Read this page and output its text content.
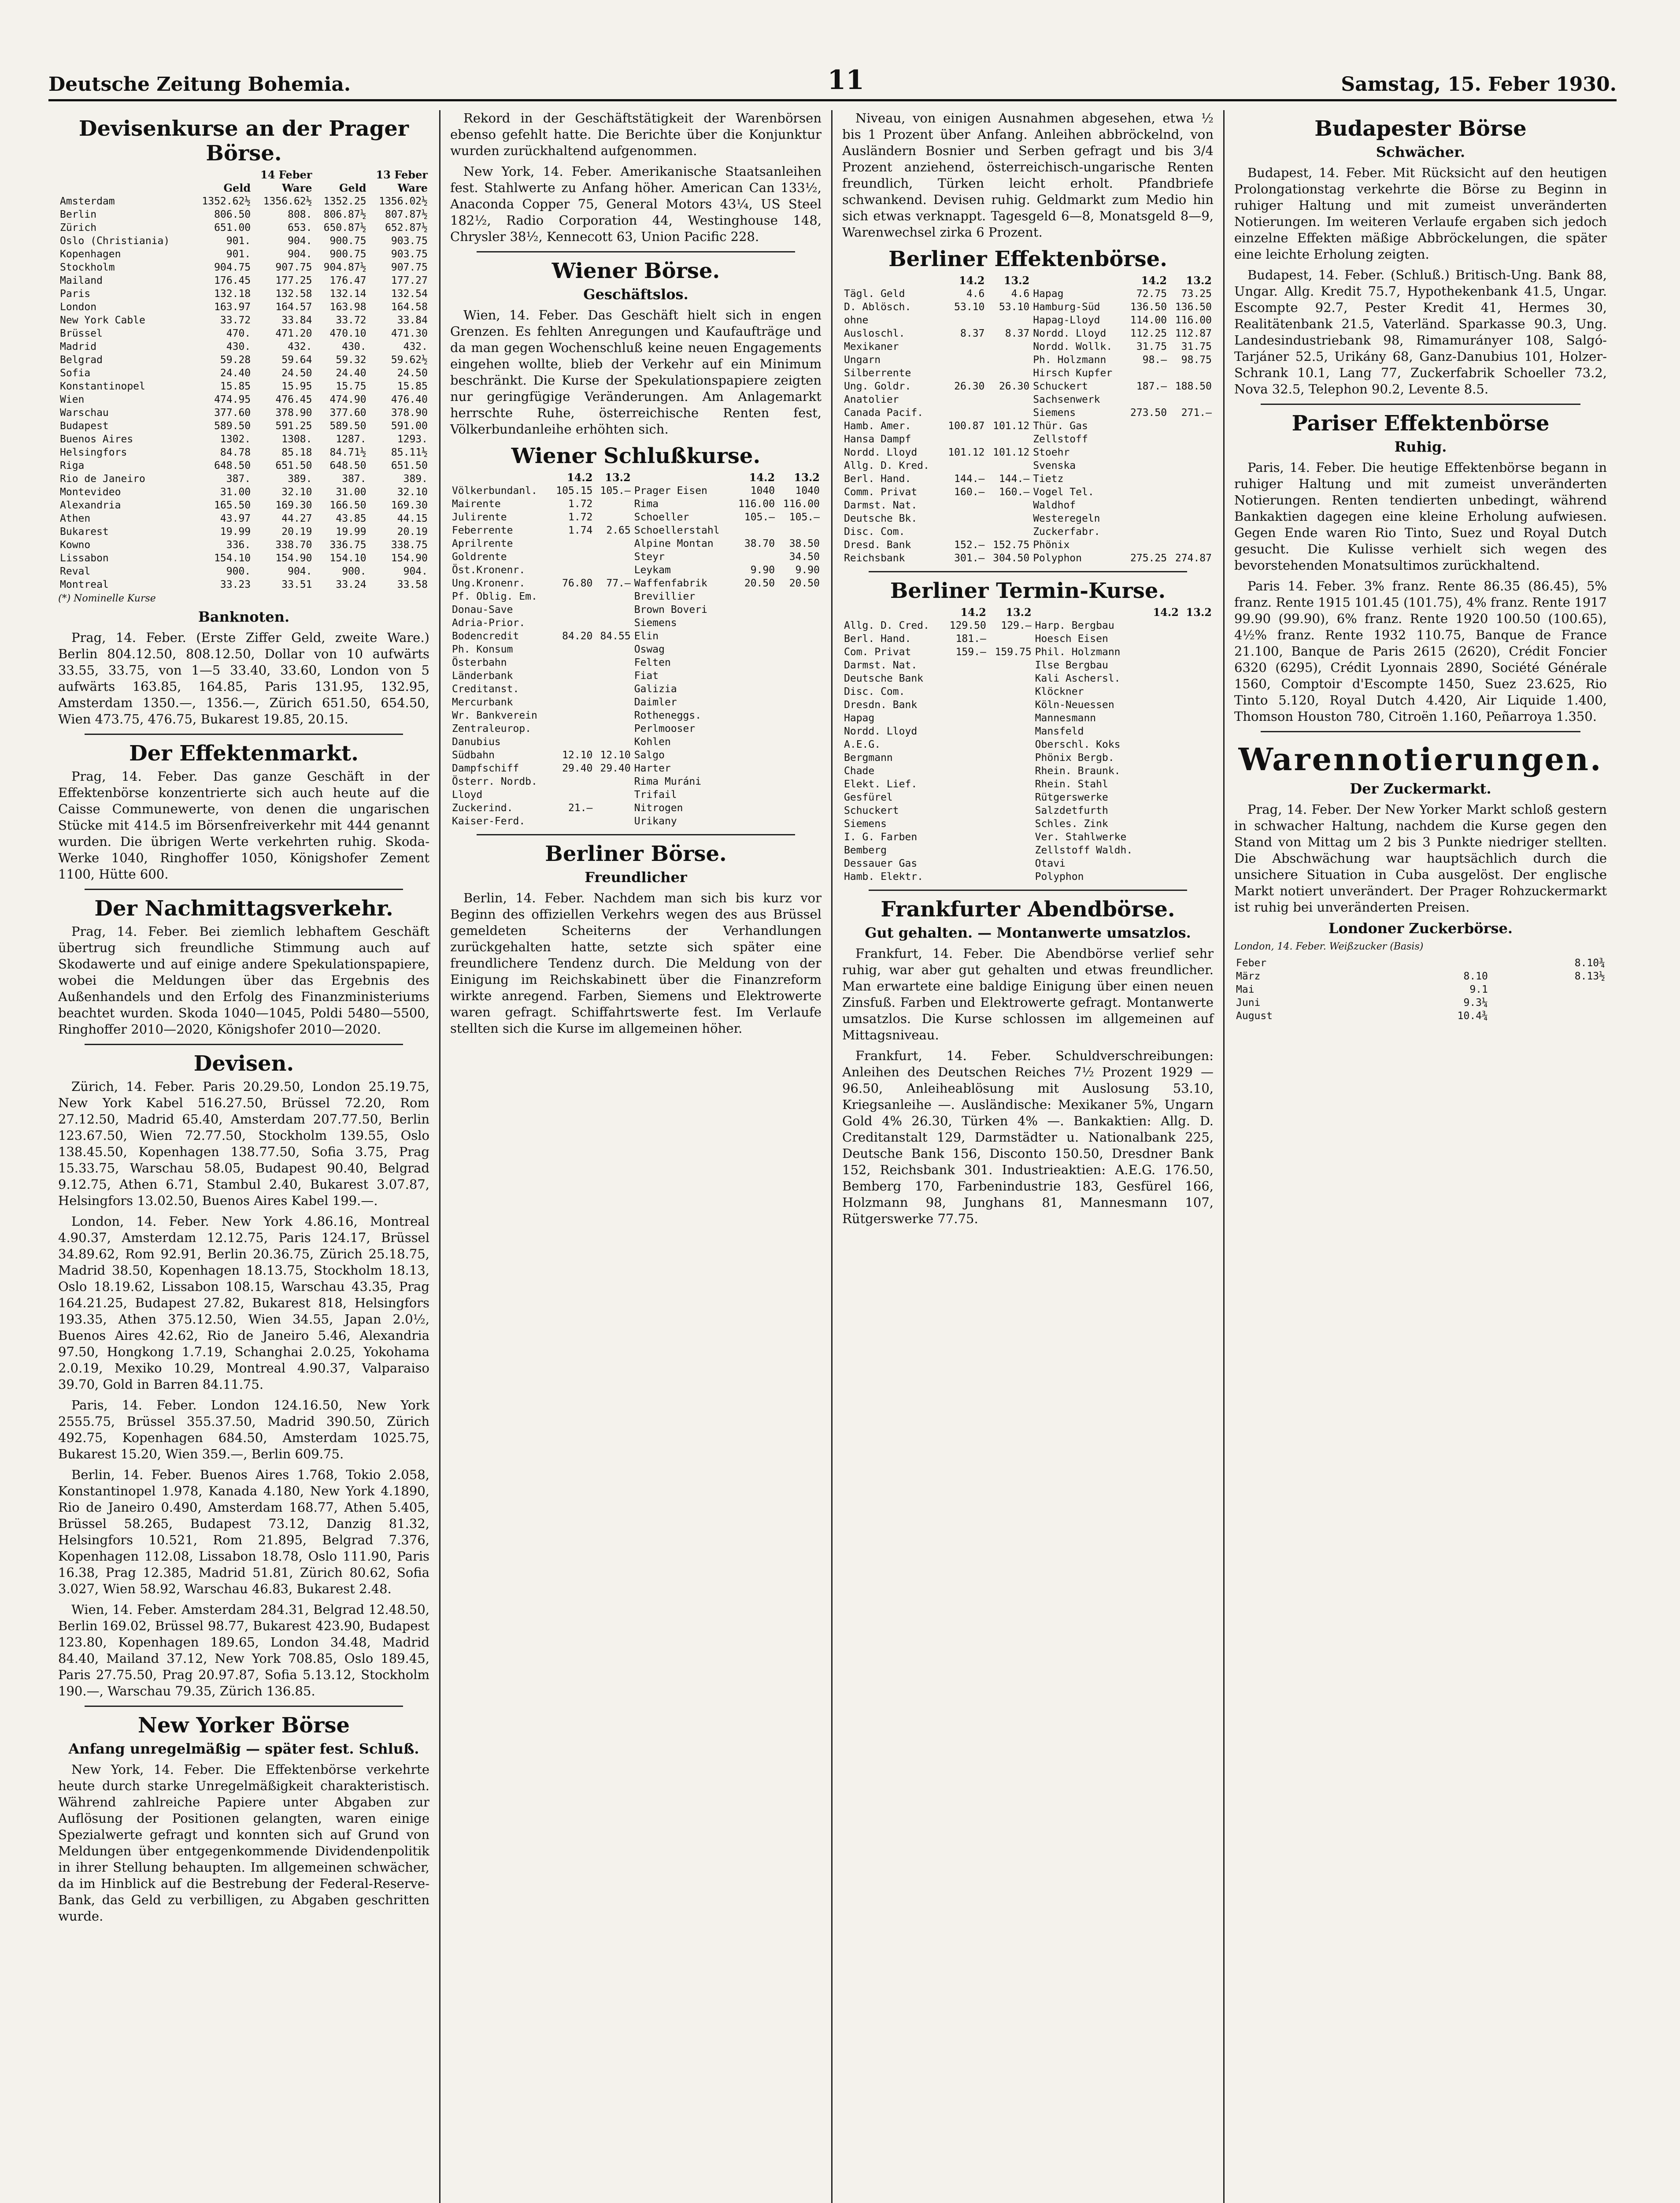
Deutsche Zeitung Bohemia.	11	Samstag, 15. Feber 1930.
Devisenkurse an der Prager Börse.
	14 Feber		13 Feber	
	Geld	Ware	Geld	Ware
Amsterdam	1352.62½	1356.62½	1352.25	1356.02½
Berlin	806.50	808.	806.87½	807.87½
Zürich	651.00	653.	650.87½	652.87½
Oslo (Christiania)	901.	904.	900.75	903.75
Kopenhagen	901.	904.	900.75	903.75
Stockholm	904.75	907.75	904.87½	907.75
Mailand	176.45	177.25	176.47	177.27
Paris	132.18	132.58	132.14	132.54
London	163.97	164.57	163.98	164.58
New York Cable	33.72	33.84	33.72	33.84
Brüssel	470.	471.20	470.10	471.30
Madrid	430.	432.	430.	432.
Belgrad	59.28	59.64	59.32	59.62½
Sofia	24.40	24.50	24.40	24.50
Konstantinopel	15.85	15.95	15.75	15.85
Wien	474.95	476.45	474.90	476.40
Warschau	377.60	378.90	377.60	378.90
Budapest	589.50	591.25	589.50	591.00
Buenos Aires	1302.	1308.	1287.	1293.
Helsingfors	84.78	85.18	84.71½	85.11½
Riga	648.50	651.50	648.50	651.50
Rio de Janeiro	387.	389.	387.	389.
Montevideo	31.00	32.10	31.00	32.10
Alexandria	165.50	169.30	166.50	169.30
Athen	43.97	44.27	43.85	44.15
Bukarest	19.99	20.19	19.99	20.19
Kowno	336.	338.70	336.75	338.75
Lissabon	154.10	154.90	154.10	154.90
Reval	900.	904.	900.	904.
Montreal	33.23	33.51	33.24	33.58
(*) Nominelle Kurse
Banknoten.

Prag, 14. Feber. (Erste Ziffer Geld, zweite Ware.) Berlin 804.12.50, 808.12.50, Dollar von 10 aufwärts 33.55, 33.75, von 1—5 33.40, 33.60, London von 5 aufwärts 163.85, 164.85, Paris 131.95, 132.95, Amsterdam 1350.—, 1356.—, Zürich 651.50, 654.50, Wien 473.75, 476.75, Bukarest 19.85, 20.15.

Der Effektenmarkt.

Prag, 14. Feber. Das ganze Geschäft in der Effektenbörse konzentrierte sich auch heute auf die Caisse Communewerte, von denen die ungarischen Stücke mit 414.5 im Börsenfreiverkehr mit 444 genannt wurden. Die übrigen Werte verkehrten ruhig. Skoda-Werke 1040, Ringhoffer 1050, Königshofer Zement 1100, Hütte 600.

Der Nachmittagsverkehr.

Prag, 14. Feber. Bei ziemlich lebhaftem Geschäft übertrug sich freundliche Stimmung auch auf Skodawerte und auf einige andere Spekulationspapiere, wobei die Meldungen über das Ergebnis des Außenhandels und den Erfolg des Finanzministeriums beachtet wurden. Skoda 1040—1045, Poldi 5480—5500, Ringhoffer 2010—2020, Königshofer 2010—2020.

Devisen.

Zürich, 14. Feber. Paris 20.29.50, London 25.19.75, New York Kabel 516.27.50, Brüssel 72.20, Rom 27.12.50, Madrid 65.40, Amsterdam 207.77.50, Berlin 123.67.50, Wien 72.77.50, Stockholm 139.55, Oslo 138.45.50, Kopenhagen 138.77.50, Sofia 3.75, Prag 15.33.75, Warschau 58.05, Budapest 90.40, Belgrad 9.12.75, Athen 6.71, Stambul 2.40, Bukarest 3.07.87, Helsingfors 13.02.50, Buenos Aires Kabel 199.—.

London, 14. Feber. New York 4.86.16, Montreal 4.90.37, Amsterdam 12.12.75, Paris 124.17, Brüssel 34.89.62, Rom 92.91, Berlin 20.36.75, Zürich 25.18.75, Madrid 38.50, Kopenhagen 18.13.75, Stockholm 18.13, Oslo 18.19.62, Lissabon 108.15, Warschau 43.35, Prag 164.21.25, Budapest 27.82, Bukarest 818, Helsingfors 193.35, Athen 375.12.50, Wien 34.55, Japan 2.0½, Buenos Aires 42.62, Rio de Janeiro 5.46, Alexandria 97.50, Hongkong 1.7.19, Schanghai 2.0.25, Yokohama 2.0.19, Mexiko 10.29, Montreal 4.90.37, Valparaiso 39.70, Gold in Barren 84.11.75.

Paris, 14. Feber. London 124.16.50, New York 2555.75, Brüssel 355.37.50, Madrid 390.50, Zürich 492.75, Kopenhagen 684.50, Amsterdam 1025.75, Bukarest 15.20, Wien 359.—, Berlin 609.75.

Berlin, 14. Feber. Buenos Aires 1.768, Tokio 2.058, Konstantinopel 1.978, Kanada 4.180, New York 4.1890, Rio de Janeiro 0.490, Amsterdam 168.77, Athen 5.405, Brüssel 58.265, Budapest 73.12, Danzig 81.32, Helsingfors 10.521, Rom 21.895, Belgrad 7.376, Kopenhagen 112.08, Lissabon 18.78, Oslo 111.90, Paris 16.38, Prag 12.385, Madrid 51.81, Zürich 80.62, Sofia 3.027, Wien 58.92, Warschau 46.83, Bukarest 2.48.

Wien, 14. Feber. Amsterdam 284.31, Belgrad 12.48.50, Berlin 169.02, Brüssel 98.77, Bukarest 423.90, Budapest 123.80, Kopenhagen 189.65, London 34.48, Madrid 84.40, Mailand 37.12, New York 708.85, Oslo 189.45, Paris 27.75.50, Prag 20.97.87, Sofia 5.13.12, Stockholm 190.—, Warschau 79.35, Zürich 136.85.

New Yorker Börse
Anfang unregelmäßig — später fest. Schluß.

New York, 14. Feber. Die Effektenbörse verkehrte heute durch starke Unregelmäßigkeit charakteristisch. Während zahlreiche Papiere unter Abgaben zur Auflösung der Positionen gelangten, waren einige Spezialwerte gefragt und konnten sich auf Grund von Meldungen über entgegenkommende Dividendenpolitik in ihrer Stellung behaupten. Im allgemeinen schwächer, da im Hinblick auf die Bestrebung der Federal-Reserve-Bank, das Geld zu verbilligen, zu Abgaben geschritten wurde.

Rekord in der Geschäftstätigkeit der Warenbörsen ebenso gefehlt hatte. Die Berichte über die Konjunktur wurden zurückhaltend aufgenommen.

New York, 14. Feber. Amerikanische Staatsanleihen fest. Stahlwerte zu Anfang höher. American Can 133½, Anaconda Copper 75, General Motors 43¼, US Steel 182½, Radio Corporation 44, Westinghouse 148, Chrysler 38½, Kennecott 63, Union Pacific 228.

Wiener Börse.
Geschäftslos.

Wien, 14. Feber. Das Geschäft hielt sich in engen Grenzen. Es fehlten Anregungen und Kaufaufträge und da man gegen Wochenschluß keine neuen Engagements eingehen wollte, blieb der Verkehr auf ein Minimum beschränkt. Die Kurse der Spekulationspapiere zeigten nur geringfügige Veränderungen. Am Anlagemarkt herrschte Ruhe, österreichische Renten fest, Völkerbundanleihe erhöhten sich.

Wiener Schlußkurse.
	14.2	13.2		14.2	13.2
Völkerbundanl.	105.15	105.—	Prager Eisen	1040	1040
Mairente	1.72		Rima	116.00	116.00
Julirente	1.72		Schoeller	105.—	105.—
Feberrente	1.74	2.65	Schoellerstahl		
Aprilrente			Alpine Montan	38.70	38.50
Goldrente			Steyr		34.50
Öst.Kronenr.			Leykam	9.90	9.90
Ung.Kronenr.	76.80	77.—	Waffenfabrik	20.50	20.50
Pf. Oblig. Em.			Brevillier		
Donau-Save			Brown Boveri		
Adria-Prior.			Siemens		
Bodencredit	84.20	84.55	Elin		
Ph. Konsum			Oswag		
Österbahn			Felten		
Länderbank			Fiat		
Creditanst.			Galizia		
Mercurbank			Daimler		
Wr. Bankverein			Rotheneggs.		
Zentraleurop.			Perlmooser		
Danubius			Kohlen		
Südbahn	12.10	12.10	Salgo		
Dampfschiff	29.40	29.40	Harter		
Österr. Nordb.			Rima Muráni		
Lloyd			Trifail		
Zuckerind.	21.—		Nitrogen		
Kaiser-Ferd.			Urikany		
Berliner Börse.
Freundlicher

Berlin, 14. Feber. Nachdem man sich bis kurz vor Beginn des offiziellen Verkehrs wegen des aus Brüssel gemeldeten Scheiterns der Verhandlungen zurückgehalten hatte, setzte sich später eine freundlichere Tendenz durch. Die Meldung von der Einigung im Reichskabinett über die Finanzreform wirkte anregend. Farben, Siemens und Elektrowerte waren gefragt. Schiffahrtswerte fest. Im Verlaufe stellten sich die Kurse im allgemeinen höher.

Niveau, von einigen Ausnahmen abgesehen, etwa ½ bis 1 Prozent über Anfang. Anleihen abbröckelnd, von Ausländern Bosnier und Serben gefragt und bis 3/4 Prozent anziehend, österreichisch-ungarische Renten freundlich, Türken leicht erholt. Pfandbriefe schwankend. Devisen ruhig. Geldmarkt zum Medio hin sich etwas verknappt. Tagesgeld 6—8, Monatsgeld 8—9, Warenwechsel zirka 6 Prozent.

Berliner Effektenbörse.
	14.2	13.2		14.2	13.2
Tägl. Geld	4.6	4.6	Hapag	72.75	73.25
D. Ablösch.	53.10	53.10	Hamburg-Süd	136.50	136.50
ohne			Hapag-Lloyd	114.00	116.00
Ausloschl.	8.37	8.37	Nordd. Lloyd	112.25	112.87
Mexikaner			Nordd. Wollk.	31.75	31.75
Ungarn			Ph. Holzmann	98.—	98.75
Silberrente			Hirsch Kupfer		
Ung. Goldr.	26.30	26.30	Schuckert	187.—	188.50
Anatolier			Sachsenwerk		
Canada Pacif.			Siemens	273.50	271.—
Hamb. Amer.	100.87	101.12	Thür. Gas		
Hansa Dampf			Zellstoff		
Nordd. Lloyd	101.12	101.12	Stoehr		
Allg. D. Kred.			Svenska		
Berl. Hand.	144.—	144.—	Tietz		
Comm. Privat	160.—	160.—	Vogel Tel.		
Darmst. Nat.			Waldhof		
Deutsche Bk.			Westeregeln		
Disc. Com.			Zuckerfabr.		
Dresd. Bank	152.—	152.75	Phönix		
Reichsbank	301.—	304.50	Polyphon	275.25	274.87
Berliner Termin-Kurse.
	14.2	13.2		14.2	13.2
Allg. D. Cred.	129.50	129.—	Harp. Bergbau		
Berl. Hand.	181.—		Hoesch Eisen		
Com. Privat	159.—	159.75	Phil. Holzmann		
Darmst. Nat.			Ilse Bergbau		
Deutsche Bank			Kali Aschersl.		
Disc. Com.			Klöckner		
Dresdn. Bank			Köln-Neuessen		
Hapag			Mannesmann		
Nordd. Lloyd			Mansfeld		
A.E.G.			Oberschl. Koks		
Bergmann			Phönix Bergb.		
Chade			Rhein. Braunk.		
Elekt. Lief.			Rhein. Stahl		
Gesfürel			Rütgerswerke		
Schuckert			Salzdetfurth		
Siemens			Schles. Zink		
I. G. Farben			Ver. Stahlwerke		
Bemberg			Zellstoff Waldh.		
Dessauer Gas			Otavi		
Hamb. Elektr.			Polyphon		
Frankfurter Abendbörse.
Gut gehalten. — Montanwerte umsatzlos.

Frankfurt, 14. Feber. Die Abendbörse verlief sehr ruhig, war aber gut gehalten und etwas freundlicher. Man erwartete eine baldige Einigung über einen neuen Zinsfuß. Farben und Elektrowerte gefragt. Montanwerte umsatzlos. Die Kurse schlossen im allgemeinen auf Mittagsniveau.

Frankfurt, 14. Feber. Schuldverschreibungen: Anleihen des Deutschen Reiches 7½ Prozent 1929 — 96.50, Anleiheablösung mit Auslosung 53.10, Kriegsanleihe —. Ausländische: Mexikaner 5%, Ungarn Gold 4% 26.30, Türken 4% —. Bankaktien: Allg. D. Creditanstalt 129, Darmstädter u. Nationalbank 225, Deutsche Bank 156, Disconto 150.50, Dresdner Bank 152, Reichsbank 301. Industrieaktien: A.E.G. 176.50, Bemberg 170, Farbenindustrie 183, Gesfürel 166, Holzmann 98, Junghans 81, Mannesmann 107, Rütgerswerke 77.75.

Budapester Börse
Schwächer.

Budapest, 14. Feber. Mit Rücksicht auf den heutigen Prolongationstag verkehrte die Börse zu Beginn in ruhiger Haltung und mit zumeist unveränderten Notierungen. Im weiteren Verlaufe ergaben sich jedoch einzelne Effekten mäßige Abbröckelungen, die später eine leichte Erholung zeigten.

Budapest, 14. Feber. (Schluß.) Britisch-Ung. Bank 88, Ungar. Allg. Kredit 75.7, Hypothekenbank 41.5, Ungar. Escompte 92.7, Pester Kredit 41, Hermes 30, Realitätenbank 21.5, Vaterländ. Sparkasse 90.3, Ung. Landesindustriebank 98, Rimamurányer 108, Salgó-Tarjáner 52.5, Urikány 68, Ganz-Danubius 101, Holzer-Schrank 10.1, Lang 77, Zuckerfabrik Schoeller 73.2, Nova 32.5, Telephon 90.2, Levente 8.5.

Pariser Effektenbörse
Ruhig.

Paris, 14. Feber. Die heutige Effektenbörse begann in ruhiger Haltung und mit zumeist unveränderten Notierungen. Renten tendierten unbedingt, während Bankaktien dagegen eine kleine Erholung aufwiesen. Gegen Ende waren Rio Tinto, Suez und Royal Dutch gesucht. Die Kulisse verhielt sich wegen des bevorstehenden Monatsultimos zurückhaltend.

Paris 14. Feber. 3% franz. Rente 86.35 (86.45), 5% franz. Rente 1915 101.45 (101.75), 4% franz. Rente 1917 99.90 (99.90), 6% franz. Rente 1920 100.50 (100.65), 4½% franz. Rente 1932 110.75, Banque de France 21.100, Banque de Paris 2615 (2620), Crédit Foncier 6320 (6295), Crédit Lyonnais 2890, Société Générale 1560, Comptoir d'Escompte 1450, Suez 23.625, Rio Tinto 5.120, Royal Dutch 4.420, Air Liquide 1.400, Thomson Houston 780, Citroën 1.160, Peñarroya 1.350.

Warennotierungen.
Der Zuckermarkt.

Prag, 14. Feber. Der New Yorker Markt schloß gestern in schwacher Haltung, nachdem die Kurse gegen den Stand von Mittag um 2 bis 3 Punkte niedriger stellten. Die Abschwächung war hauptsächlich durch die unsichere Situation in Cuba ausgelöst. Der englische Markt notiert unverändert. Der Prager Rohzuckermarkt ist ruhig bei unveränderten Preisen.

Londoner Zuckerbörse.
London, 14. Feber. Weißzucker (Basis)
Feber		8.10¾
März	8.10	8.13½
Mai	9.1	
Juni	9.3¼	
August	10.4¾	
